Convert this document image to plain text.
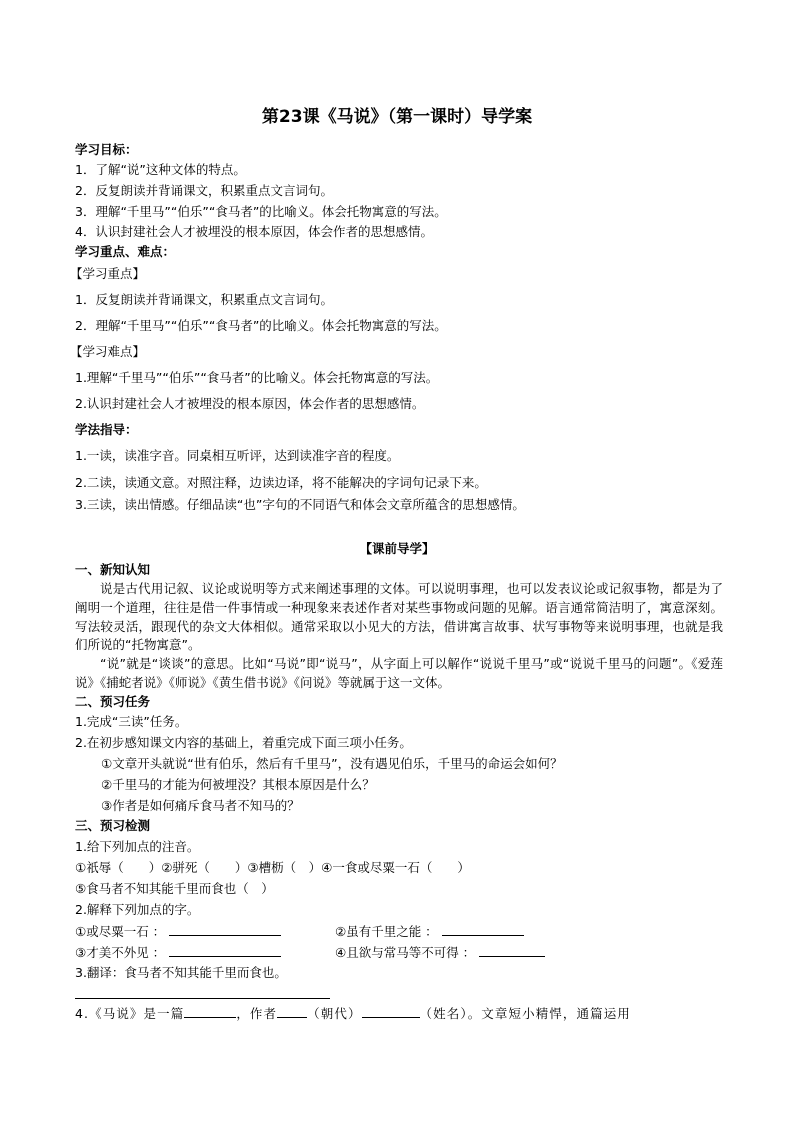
第23课《马说》（第一课时）导学案
学习目标：
1．了解“说”这种文体的特点。
2．反复朗读并背诵课文，积累重点文言词句。
3．理解“千里马”“伯乐”“食马者”的比喻义。体会托物寓意的写法。
4．认识封建社会人才被埋没的根本原因，体会作者的思想感情。
学习重点、难点：
【学习重点】
1．反复朗读并背诵课文，积累重点文言词句。
2．理解“千里马”“伯乐”“食马者”的比喻义。体会托物寓意的写法。
【学习难点】
1.理解“千里马”“伯乐”“食马者”的比喻义。体会托物寓意的写法。
2.认识封建社会人才被埋没的根本原因，体会作者的思想感情。
学法指导：
1.一读，读准字音。同桌相互听评，达到读准字音的程度。
2.二读，读通文意。对照注释，边读边译，将不能解决的字词句记录下来。
3.三读，读出情感。仔细品读“也”字句的不同语气和体会文章所蕴含的思想感情。
【课前导学】
一、新知认知
说是古代用记叙、议论或说明等方式来阐述事理的文体。可以说明事理，也可以发表议论或记叙事物，都是为了阐明一个道理，往往是借一件事情或一种现象来表述作者对某些事物或问题的见解。语言通常简洁明了，寓意深刻。写法较灵活，跟现代的杂文大体相似。通常采取以小见大的方法，借讲寓言故事、状写事物等来说明事理，也就是我们所说的“托物寓意”。
“说”就是“谈谈”的意思。比如“马说”即“说马”，从字面上可以解作“说说千里马”或“说说千里马的问题”。《爱莲说》《捕蛇者说》《师说》《黄生借书说》《问说》等就属于这一文体。
二、预习任务
1.完成“三读”任务。
2.在初步感知课文内容的基础上，着重完成下面三项小任务。
①文章开头就说“世有伯乐，然后有千里马”，没有遇见伯乐，千里马的命运会如何？
②千里马的才能为何被埋没？其根本原因是什么？
③作者是如何痛斥食马者不知马的？
三、预习检测
1.给下列加点的注音。
①祇辱（　　）②骈死（　　）③槽枥（　）④一食或尽粟一石（　　）
⑤食马者不知其能千里而食也（　）
2.解释下列加点的字。
①或尽粟一石 ：	②虽有千里之能 ：
③才美不外见 ：	④且欲与常马等不可得 ：
3.翻译：食马者不知其能千里而食也。
4.《马说》是一篇	，作者 （朝代）	（姓名）。文章短小精悍，通篇运用
